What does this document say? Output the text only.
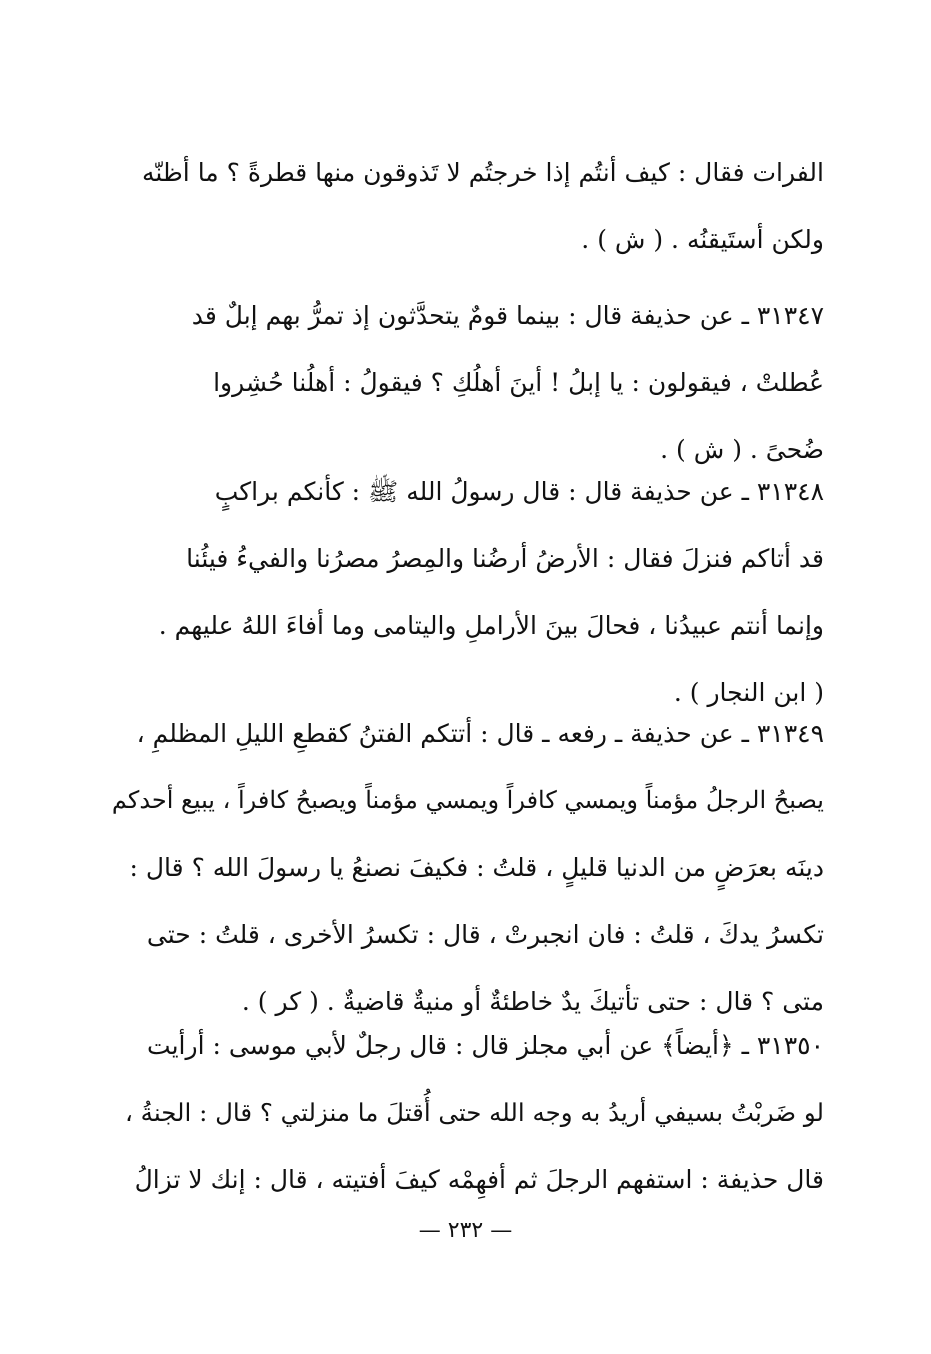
الفرات فقال : كيف أنتُم إذا خرجتُم لا تَذوقون منها قطرةً ؟ ما أظنّه
ولكن أستَيقنُه . ( ش ) .
٣١٣٤٧ ـ عن حذيفة قال : بينما قومٌ يتحدَّثون إذ تمرُّ بهم إبلٌ قد
عُطلتْ ، فيقولون : يا إبلُ ! أينَ أهلُكِ ؟ فيقولُ : أهلُنا حُشِروا
ضُحىً . ( ش ) .
٣١٣٤٨ ـ عن حذيفة قال : قال رسولُ الله ﷺ : كأنكم براكبٍ
قد أتاكم فنزلَ فقال : الأرضُ أرضُنا والمِصرُ مصرُنا والفيءُ فيئُنا
وإنما أنتم عبيدُنا ، فحالَ بينَ الأراملِ واليتامى وما أفاءَ اللهُ عليهم .
( ابن النجار ) .
٣١٣٤٩ ـ عن حذيفة ـ رفعه ـ قال : أتتكم الفتنُ كقطعِ الليلِ المظلمِ ،
يصبحُ الرجلُ مؤمناً ويمسي كافراً ويمسي مؤمناً ويصبحُ كافراً ، يبيع أحدكم
دينَه بعرَضٍ من الدنيا قليلٍ ، قلتُ : فكيفَ نصنعُ يا رسولَ الله ؟ قال :
تكسرُ يدكَ ، قلتُ : فان انجبرتْ ، قال : تكسرُ الأخرى ، قلتُ : حتى
متى ؟ قال : حتى تأتيكَ يدٌ خاطئةٌ أو منيةٌ قاضيةٌ . ( كر ) .
٣١٣٥٠ ـ ﴿أيضاً﴾ عن أبي مجلز قال : قال رجلٌ لأبي موسى : أرأيت
لو ضَربْتُ بسيفي أريدُ به وجه الله حتى أُقتلَ ما منزلتي ؟ قال : الجنةُ ،
قال حذيفة : استفهم الرجلَ ثم أفهِمْه كيفَ أفتيته ، قال : إنك لا تزالُ
— ٢٣٢ —
